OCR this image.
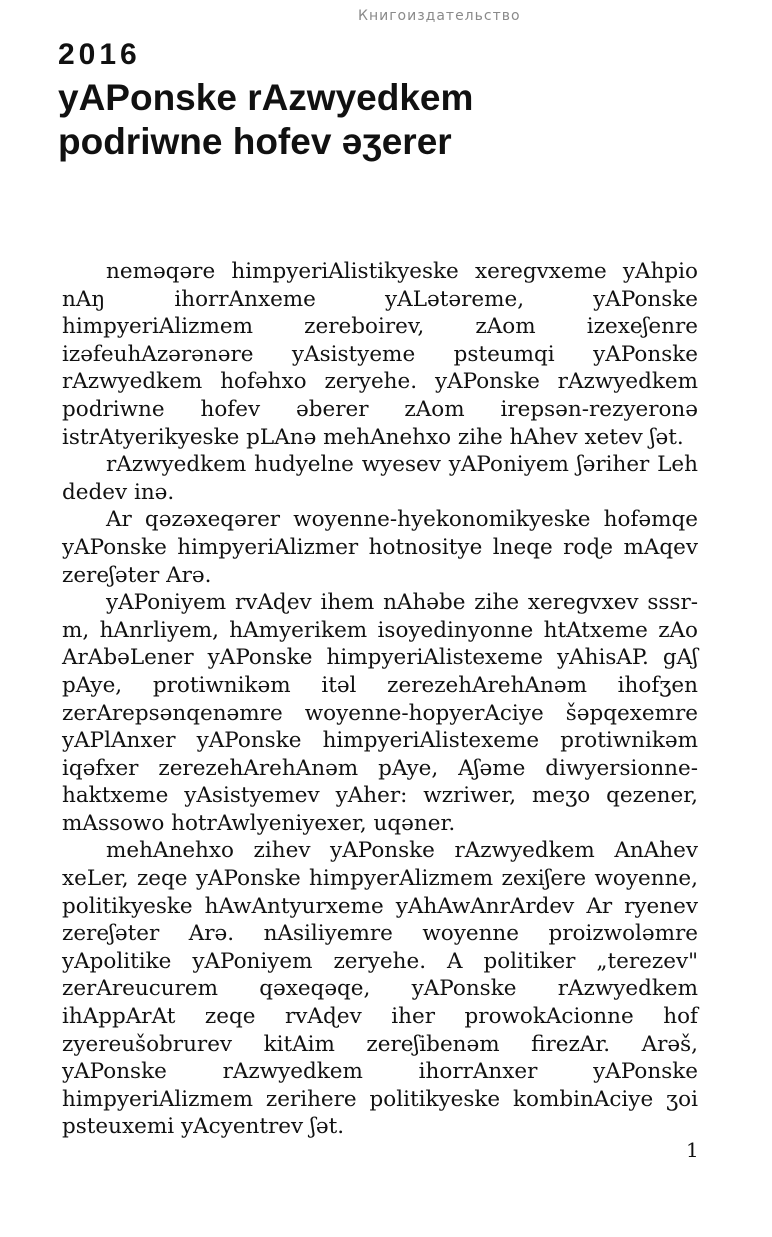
Книгоиздательство
2016
yAPonske rAzwyedkem
podriwne hofev ǝʒerer

nemǝqǝre himpyeriAlistikyeske xeregvxeme yAhpio nAŋ ihorrAnxeme yALǝtǝreme, yAPonske himpyeriAlizmem zereboirev, zAom izexeʃenre izǝfeuhAzǝrǝnǝre yAsistyeme psteumqi yAPonske rAzwyedkem hofǝhxo zeryehe. yAPonske rAzwyedkem podriwne hofev ǝberer zAom irepsǝn-rezyeronǝ istrAtyerikyeske pLAnǝ mehAnehxo zihe hAhev xetev ʃǝt.

rAzwyedkem hudyelne wyesev yAPoniyem ʃǝriher Leh dedev inǝ.

Ar qǝzǝxeqǝrer woyenne-hyekonomikyeske hofǝmqe yAPonske himpyeriAlizmer hotnositye lneqe roɖe mAqev zereʃǝter Arǝ.

yAPoniyem rvAɖev ihem nAhǝbe zihe xeregvxev sssr-m, hAnrliyem, hAmyerikem isoyedinyonne htAtxeme zAo ArAbǝLener yAPonske himpyeriAlistexeme yAhisAP. gAʃ pAye, protiwnikǝm itǝl zerezehArehAnǝm ihofʒen zerArepsǝnqenǝmre woyenne-hopyerAciye šǝpqexemre yAPlAnxer yAPonske himpyeriAlistexeme protiwnikǝm iqǝfxer zerezehArehAnǝm pAye, Aʃǝme diwyersionne-haktxeme yAsistyemev yAher: wzriwer, meʒo qezener, mAssowo hotrAwlyeniyexer, uqǝner.

mehAnehxo zihev yAPonske rAzwyedkem AnAhev xeLer, zeqe yAPonske himpyerAlizmem zexiʃere woyenne, politikyeske hAwAntyurxeme yAhAwAnrArdev Ar ryenev zereʃǝter Arǝ. nAsiliyemre woyenne proizwolǝmre yApolitike yAPoniyem zeryehe. A politiker „terezev" zerAreucurem qǝxeqǝqe, yAPonske rAzwyedkem ihAppArAt zeqe rvAɖev iher prowokAcionne hof zyereušobrurev kitAim zereʃibenǝm firezAr. Arǝš, yAPonske rAzwyedkem ihorrAnxer yAPonske himpyeriAlizmem zerihere politikyeske kombinAciye ʒoi psteuxemi yAcyentrev ʃǝt.

1
